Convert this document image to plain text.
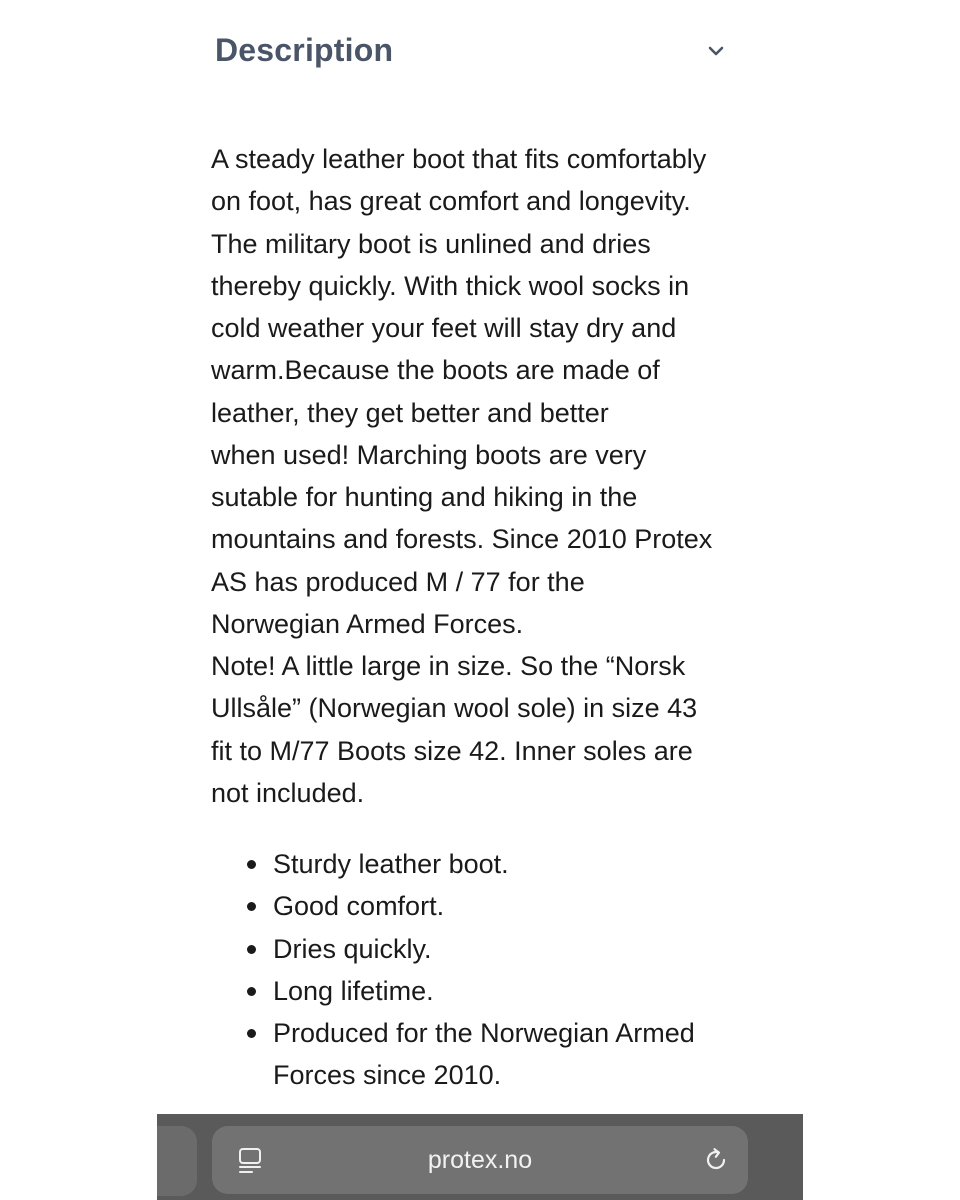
Description

A steady leather boot that fits comfortably
on foot, has great comfort and longevity.
The military boot is unlined and dries
thereby quickly. With thick wool socks in
cold weather your feet will stay dry and
warm.Because the boots are made of
leather, they get better and better
when used! Marching boots are very
sutable for hunting and hiking in the
mountains and forests. Since 2010 Protex
AS has produced M / 77 for the
Norwegian Armed Forces.
Note! A little large in size. So the “Norsk
Ullsåle” (Norwegian wool sole) in size 43
fit to M/77 Boots size 42. Inner soles are
not included.

Sturdy leather boot.
Good comfort.
Dries quickly.
Long lifetime.
Produced for the Norwegian Armed
Forces since 2010.
protex.no
